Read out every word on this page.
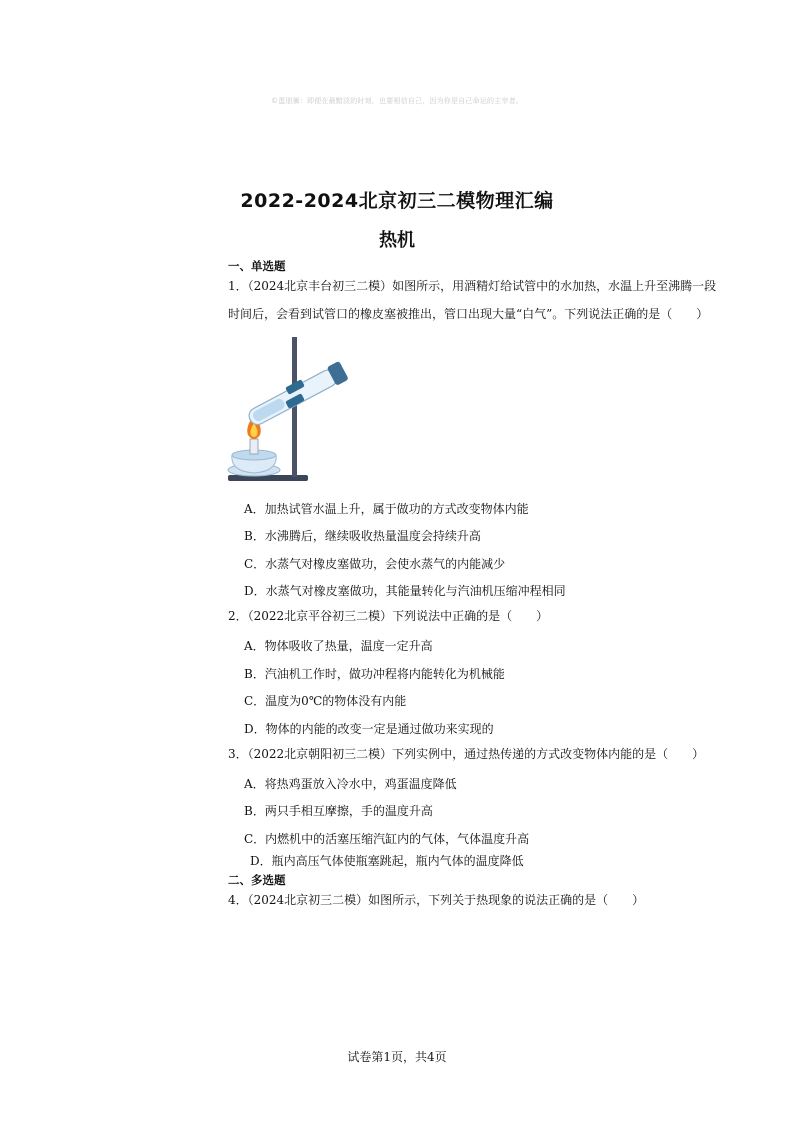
©蛋朋狮：即便在最黯淡的时刻，也要相信自己，因为你是自己命运的主宰者。
2022-2024北京初三二模物理汇编
热机
一、单选题
1．（2024北京丰台初三二模）如图所示，用酒精灯给试管中的水加热，水温上升至沸腾一段时间后，会看到试管口的橡皮塞被推出，管口出现大量“白气”。下列说法正确的是（　　）
A．加热试管水温上升，属于做功的方式改变物体内能
B．水沸腾后，继续吸收热量温度会持续升高
C．水蒸气对橡皮塞做功，会使水蒸气的内能减少
D．水蒸气对橡皮塞做功，其能量转化与汽油机压缩冲程相同
2．（2022北京平谷初三二模）下列说法中正确的是（　　）
A．物体吸收了热量，温度一定升高
B．汽油机工作时，做功冲程将内能转化为机械能
C．温度为0℃的物体没有内能
D．物体的内能的改变一定是通过做功来实现的
3．（2022北京朝阳初三二模）下列实例中，通过热传递的方式改变物体内能的是（　　）
A．将热鸡蛋放入冷水中，鸡蛋温度降低
B．两只手相互摩擦，手的温度升高
C．内燃机中的活塞压缩汽缸内的气体，气体温度升高
D．瓶内高压气体使瓶塞跳起，瓶内气体的温度降低
二、多选题
4．（2024北京初三二模）如图所示，下列关于热现象的说法正确的是（　　）
试卷第1页，共4页
